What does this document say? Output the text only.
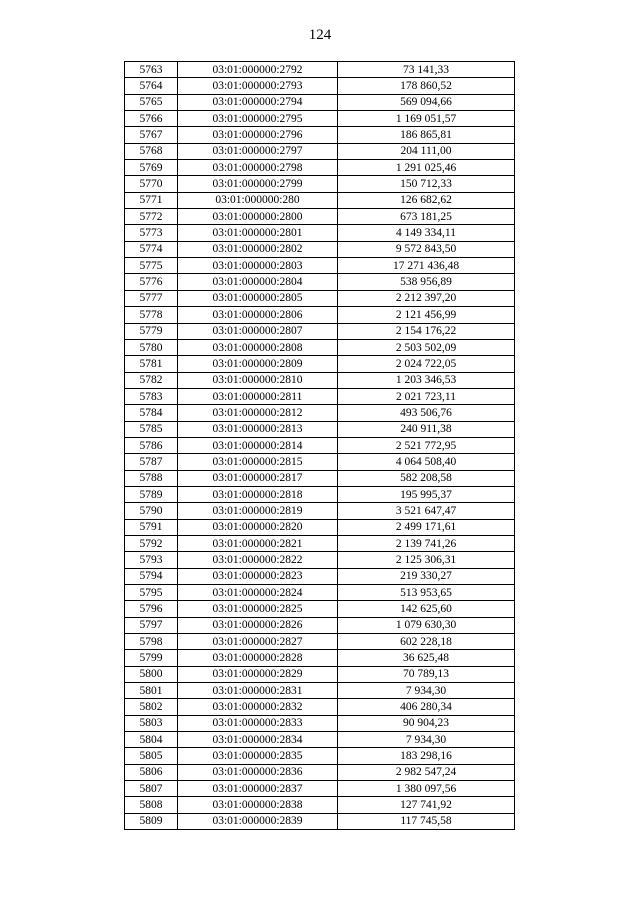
124
5763	03:01:000000:2792	73 141,33
5764	03:01:000000:2793	178 860,52
5765	03:01:000000:2794	569 094,66
5766	03:01:000000:2795	1 169 051,57
5767	03:01:000000:2796	186 865,81
5768	03:01:000000:2797	204 111,00
5769	03:01:000000:2798	1 291 025,46
5770	03:01:000000:2799	150 712,33
5771	03:01:000000:280	126 682,62
5772	03:01:000000:2800	673 181,25
5773	03:01:000000:2801	4 149 334,11
5774	03:01:000000:2802	9 572 843,50
5775	03:01:000000:2803	17 271 436,48
5776	03:01:000000:2804	538 956,89
5777	03:01:000000:2805	2 212 397,20
5778	03:01:000000:2806	2 121 456,99
5779	03:01:000000:2807	2 154 176,22
5780	03:01:000000:2808	2 503 502,09
5781	03:01:000000:2809	2 024 722,05
5782	03:01:000000:2810	1 203 346,53
5783	03:01:000000:2811	2 021 723,11
5784	03:01:000000:2812	493 506,76
5785	03:01:000000:2813	240 911,38
5786	03:01:000000:2814	2 521 772,95
5787	03:01:000000:2815	4 064 508,40
5788	03:01:000000:2817	582 208,58
5789	03:01:000000:2818	195 995,37
5790	03:01:000000:2819	3 521 647,47
5791	03:01:000000:2820	2 499 171,61
5792	03:01:000000:2821	2 139 741,26
5793	03:01:000000:2822	2 125 306,31
5794	03:01:000000:2823	219 330,27
5795	03:01:000000:2824	513 953,65
5796	03:01:000000:2825	142 625,60
5797	03:01:000000:2826	1 079 630,30
5798	03:01:000000:2827	602 228,18
5799	03:01:000000:2828	36 625,48
5800	03:01:000000:2829	70 789,13
5801	03:01:000000:2831	7 934,30
5802	03:01:000000:2832	406 280,34
5803	03:01:000000:2833	90 904,23
5804	03:01:000000:2834	7 934,30
5805	03:01:000000:2835	183 298,16
5806	03:01:000000:2836	2 982 547,24
5807	03:01:000000:2837	1 380 097,56
5808	03:01:000000:2838	127 741,92
5809	03:01:000000:2839	117 745,58
